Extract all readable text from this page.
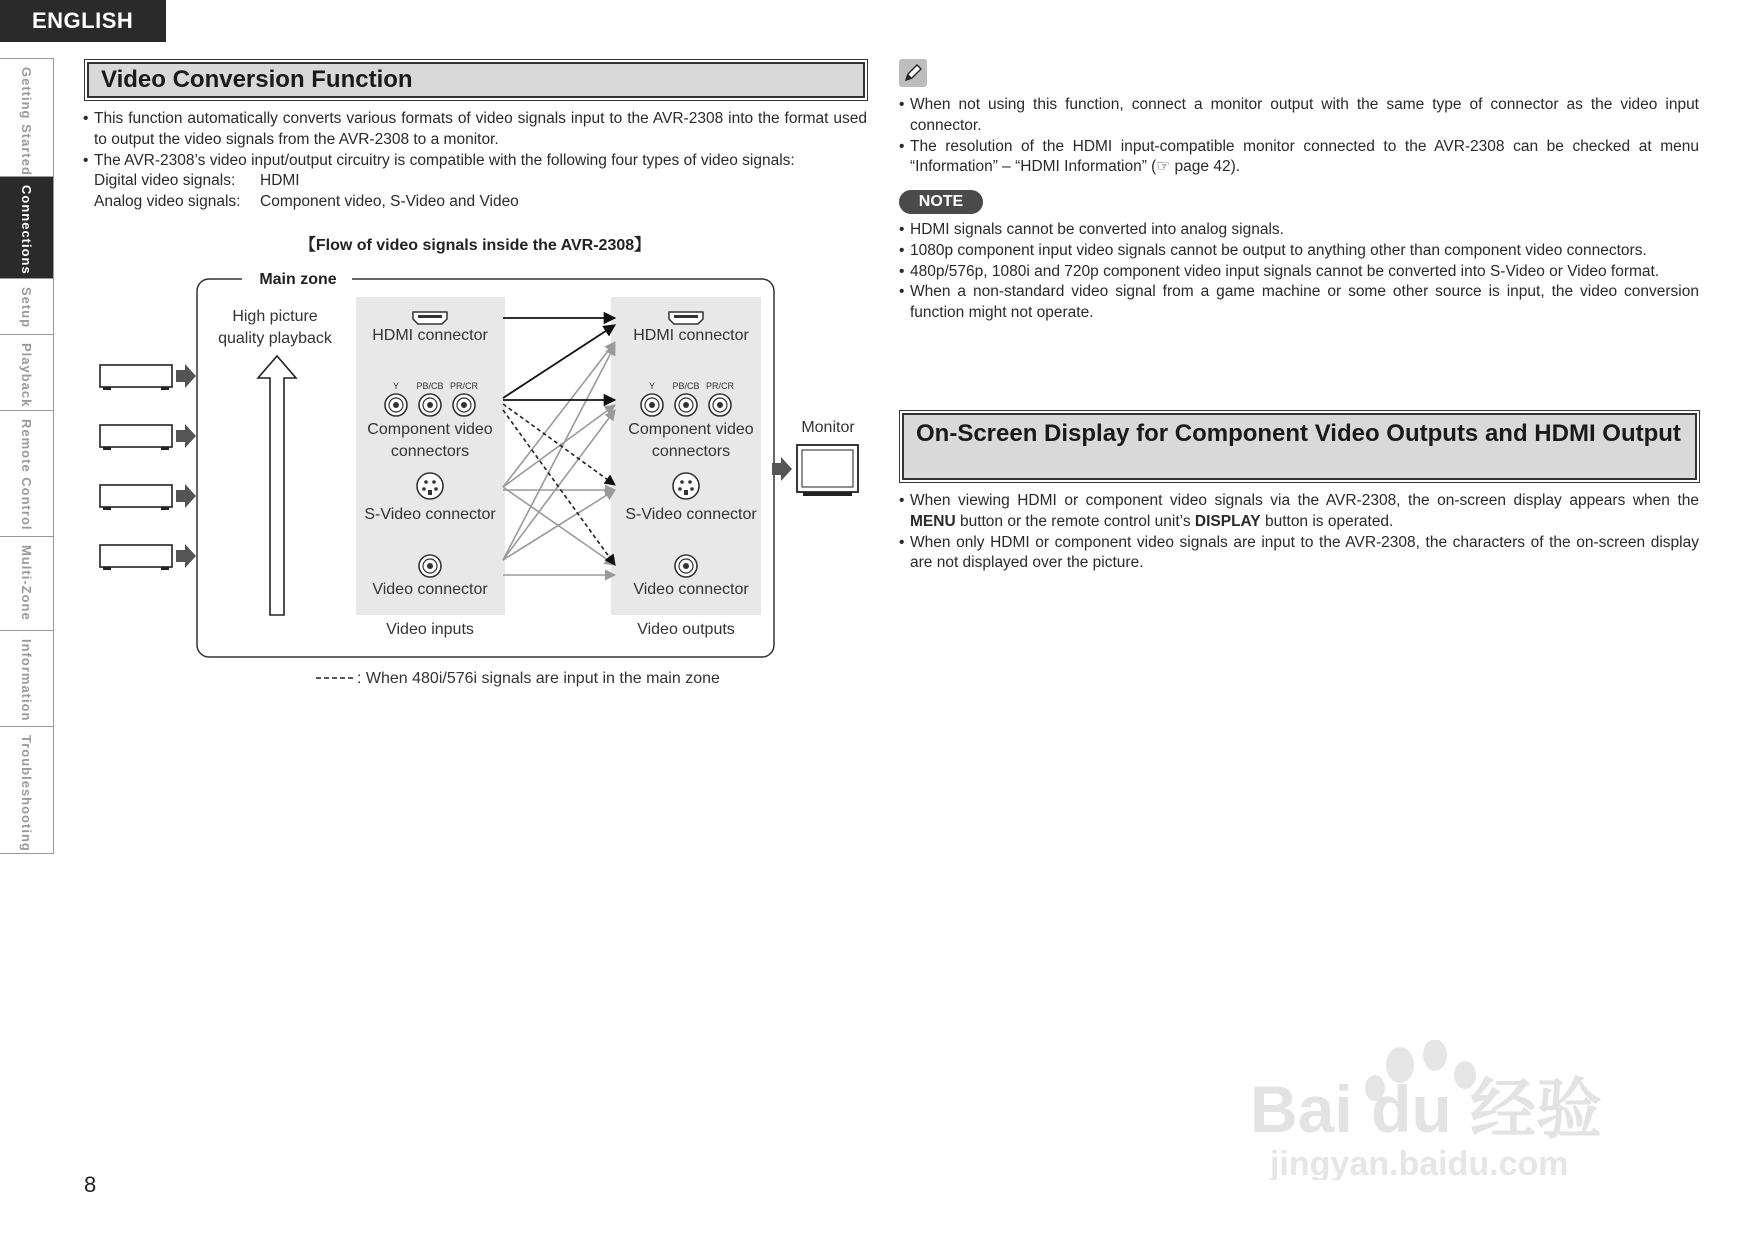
ENGLISH
Getting Started
Connections
Setup
Playback
Remote Control
Multi-Zone
Information
Troubleshooting
Video Conversion Function
• This function automatically converts various formats of video signals input to the AVR-2308 into the format used to output the video signals from the AVR-2308 to a monitor.
• The AVR-2308’s video input/output circuitry is compatible with the following four types of video signals:
Digital video signals:	HDMI
Analog video signals:	Component video, S-Video and Video
【Flow of video signals inside the AVR-2308】
Main zone
High picture
quality playback	HDMI connector
Y PB/CB PR/CR
Component video
connectors
S-Video connector
Video connector
HDMI connector
Y PB/CB PR/CR
Component video
connectors
S-Video connector
Video connector
Video inputs	Video outputs
Monitor
: When 480i/576i signals are input in the main zone
• When not using this function, connect a monitor output with the same type of connector as the video input connector.
• The resolution of the HDMI input-compatible monitor connected to the AVR-2308 can be checked at menu “Information” – “HDMI Information” (☞ page 42).
NOTE
• HDMI signals cannot be converted into analog signals.
• 1080p component input video signals cannot be output to anything other than component video connectors.
• 480p/576p, 1080i and 720p component video input signals cannot be converted into S-Video or Video format.
• When a non-standard video signal from a game machine or some other source is input, the video conversion function might not operate.
On-Screen Display for Component Video Outputs and HDMI Output
• When viewing HDMI or component video signals via the AVR-2308, the on-screen display appears when the MENU button or the remote control unit’s DISPLAY button is operated.
• When only HDMI or component video signals are input to the AVR-2308, the characters of the on-screen display are not displayed over the picture.
8
Bai du 经验
jingyan.baidu.com
